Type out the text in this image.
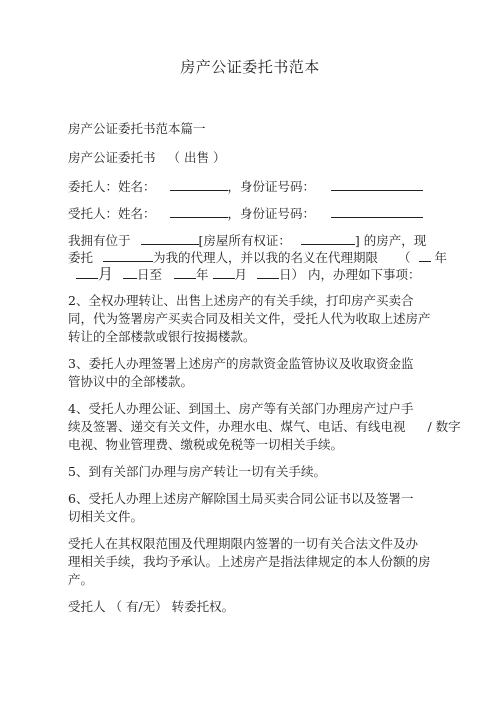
房产公证委托书范本
房产公证委托书范本篇一
房产公证委托书 （ 出售 ）
委托人：姓名：	，身份证号码：
受托人：姓名：	，身份证号码：
我拥有位于	[房屋所有权证：	] 的房产，现
委托	为我的代理人，并以我的名义在代理期限 （ 年
月 日至	年 月	日） 内，办理如下事项：
2、全权办理转让、出售上述房产的有关手续，打印房产买卖合
同，代为签署房产买卖合同及相关文件，受托人代为收取上述房产
转让的全部楼款或银行按揭楼款。
3、委托人办理签署上述房产的房款资金监管协议及收取资金监
管协议中的全部楼款。
4、受托人办理公证、到国土、房产等有关部门办理房产过户手
续及签署、递交有关文件，办理水电、煤气、电话、有线电视 / 数字
电视、物业管理费、缴税或免税等一切相关手续。
5、到有关部门办理与房产转让一切有关手续。
6、受托人办理上述房产解除国土局买卖合同公证书以及签署一
切相关文件。
受托人在其权限范围及代理期限内签署的一切有关合法文件及办
理相关手续，我均予承认。上述房产是指法律规定的本人份额的房
产。
受托人 （ 有/无） 转委托权。
